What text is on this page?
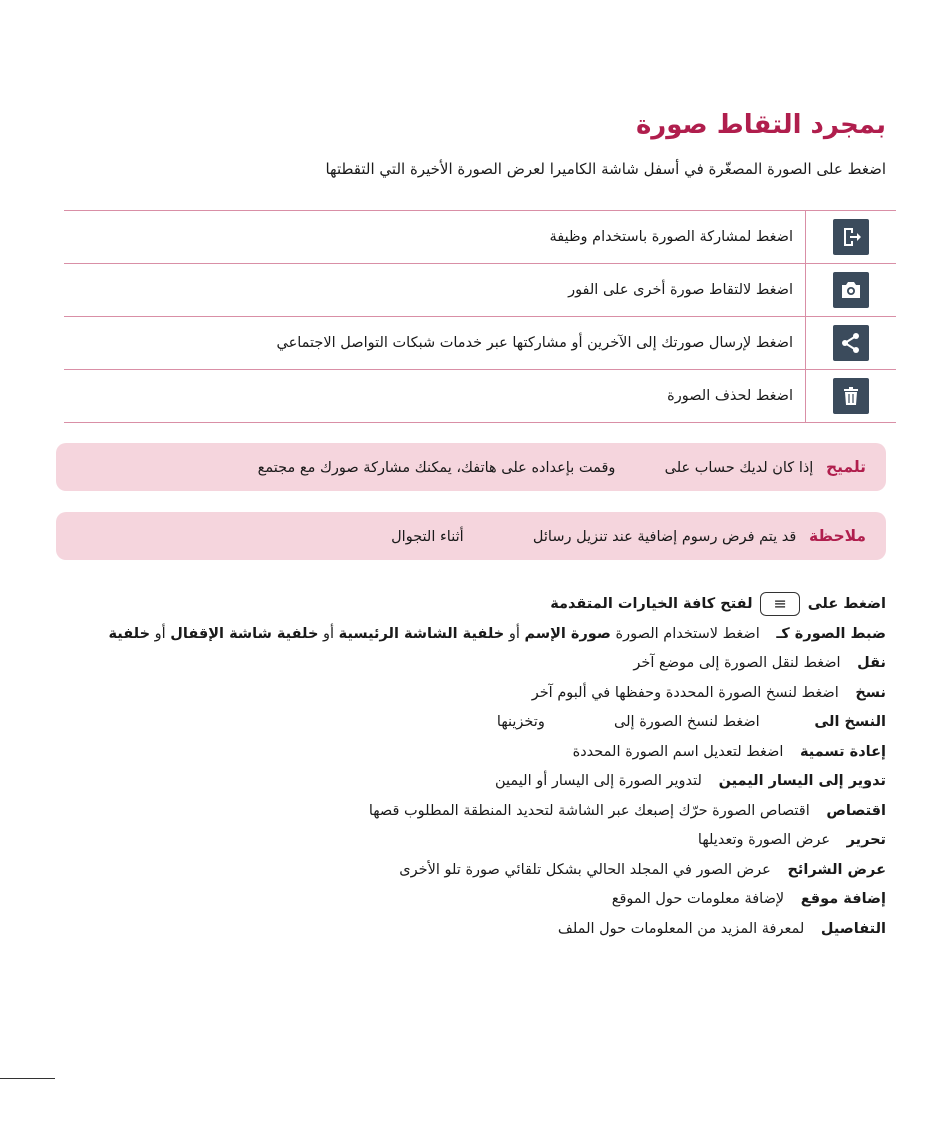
بمجرد التقاط صورة

اضغط على الصورة المصغّرة في أسفل شاشة الكاميرا لعرض الصورة الأخيرة التي التقطتها

	اضغط لمشاركة الصورة باستخدام وظيفة

	اضغط لالتقاط صورة أخرى على الفور

	اضغط لإرسال صورتك إلى الآخرين أو مشاركتها عبر خدمات شبكات التواصل الاجتماعي

	اضغط لحذف الصورة
تلميح إذا كان لديك حساب على  وقمت بإعداده على هاتفك، يمكنك مشاركة صورك مع مجتمع
ملاحظة قد يتم فرض رسوم إضافية عند تنزيل رسائل  أثناء التجوال
اضغط على ≡ لفتح كافة الخيارات المتقدمة
ضبط الصورة كـ اضغط لاستخدام الصورة صورة الإسم أو خلفية الشاشة الرئيسية أو خلفية شاشة الإقفال أو خلفية
نقل اضغط لنقل الصورة إلى موضع آخر
نسخ اضغط لنسخ الصورة المحددة وحفظها في ألبوم آخر
النسخ الى اضغط لنسخ الصورة إلى  وتخزينها
إعادة تسمية اضغط لتعديل اسم الصورة المحددة
تدوير إلى اليسار اليمين لتدوير الصورة إلى اليسار أو اليمين
اقتصاص اقتصاص الصورة حرّك إصبعك عبر الشاشة لتحديد المنطقة المطلوب قصها
تحرير عرض الصورة وتعديلها
عرض الشرائح عرض الصور في المجلد الحالي بشكل تلقائي صورة تلو الأخرى
إضافة موقع لإضافة معلومات حول الموقع
التفاصيل لمعرفة المزيد من المعلومات حول الملف
